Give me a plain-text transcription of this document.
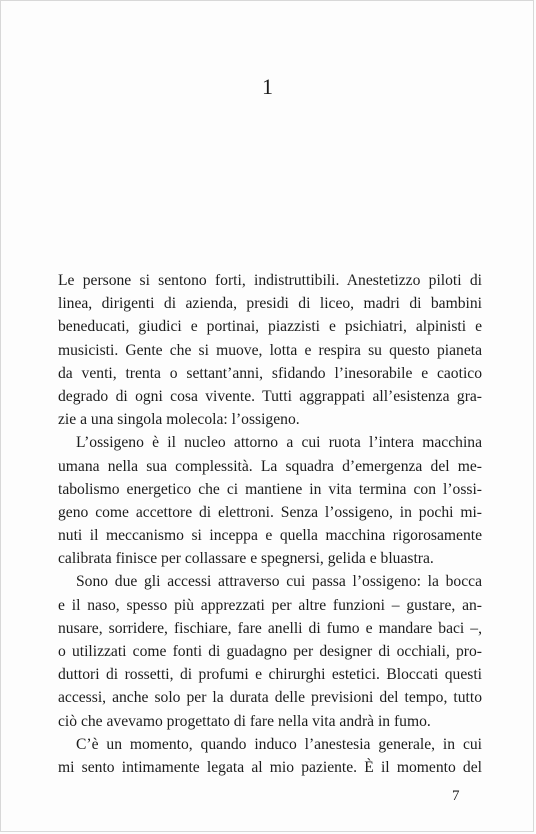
1
Le persone si sentono forti, indistruttibili. Anestetizzo piloti di
linea, dirigenti di azienda, presidi di liceo, madri di bambini
beneducati, giudici e portinai, piazzisti e psichiatri, alpinisti e
musicisti. Gente che si muove, lotta e respira su questo pianeta
da venti, trenta o settant’anni, sfidando l’inesorabile e caotico
degrado di ogni cosa vivente. Tutti aggrappati all’esistenza gra-
zie a una singola molecola: l’ossigeno.
L’ossigeno è il nucleo attorno a cui ruota l’intera macchina
umana nella sua complessità. La squadra d’emergenza del me-
tabolismo energetico che ci mantiene in vita termina con l’ossi-
geno come accettore di elettroni. Senza l’ossigeno, in pochi mi-
nuti il meccanismo si inceppa e quella macchina rigorosamente
calibrata finisce per collassare e spegnersi, gelida e bluastra.
Sono due gli accessi attraverso cui passa l’ossigeno: la bocca
e il naso, spesso più apprezzati per altre funzioni – gustare, an-
nusare, sorridere, fischiare, fare anelli di fumo e mandare baci –,
o utilizzati come fonti di guadagno per designer di occhiali, pro-
duttori di rossetti, di profumi e chirurghi estetici. Bloccati questi
accessi, anche solo per la durata delle previsioni del tempo, tutto
ciò che avevamo progettato di fare nella vita andrà in fumo.
C’è un momento, quando induco l’anestesia generale, in cui
mi sento intimamente legata al mio paziente. È il momento del
7
